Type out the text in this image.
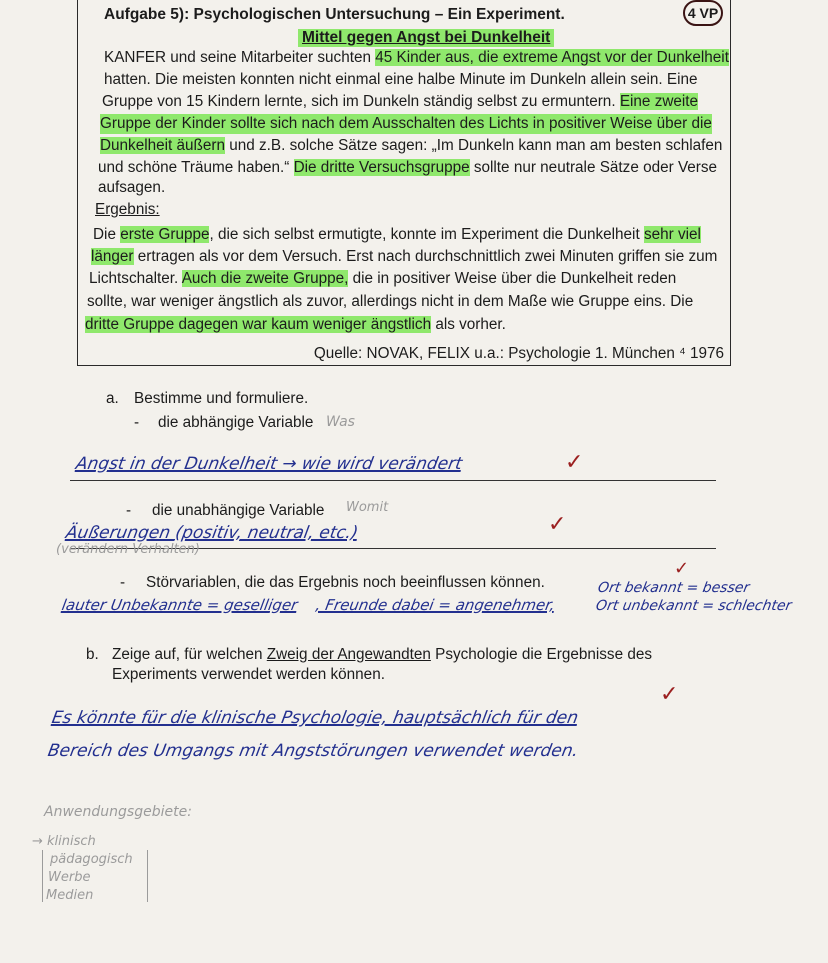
Aufgabe 5): Psychologischen Untersuchung – Ein Experiment.	4 VP
Mittel gegen Angst bei Dunkelheit
KANFER und seine Mitarbeiter suchten 45 Kinder aus, die extreme Angst vor der Dunkelheit
hatten. Die meisten konnten nicht einmal eine halbe Minute im Dunkeln allein sein. Eine
Gruppe von 15 Kindern lernte, sich im Dunkeln ständig selbst zu ermuntern. Eine zweite
Gruppe der Kinder sollte sich nach dem Ausschalten des Lichts in positiver Weise über die
Dunkelheit äußern und z.B. solche Sätze sagen: „Im Dunkeln kann man am besten schlafen
und schöne Träume haben.“ Die dritte Versuchsgruppe sollte nur neutrale Sätze oder Verse
aufsagen.
Ergebnis:
Die erste Gruppe, die sich selbst ermutigte, konnte im Experiment die Dunkelheit sehr viel
länger ertragen als vor dem Versuch. Erst nach durchschnittlich zwei Minuten griffen sie zum
Lichtschalter. Auch die zweite Gruppe, die in positiver Weise über die Dunkelheit reden
sollte, war weniger ängstlich als zuvor, allerdings nicht in dem Maße wie Gruppe eins. Die
dritte Gruppe dagegen war kaum weniger ängstlich als vorher.
Quelle: NOVAK, FELIX u.a.: Psychologie 1. München ⁴ 1976
a. Bestimme und formuliere.
- die abhängige Variable Was
Angst in der Dunkelheit → wie wird verändert	✓
- die unabhängige Variable Womit
Äußerungen (positiv, neutral, etc.)	✓
(verändern Verhalten)
- Störvariablen, die das Ergebnis noch beeinflussen können.
✓
Ort bekannt = besser
lauter Unbekannte = geselliger , Freunde dabei = angenehmer,	Ort unbekannt = schlechter
b. Zeige auf, für welchen Zweig der Angewandten Psychologie die Ergebnisse des
Experiments verwendet werden können.
✓
Es könnte für die klinische Psychologie, hauptsächlich für den
Bereich des Umgangs mit Angststörungen verwendet werden.
Anwendungsgebiete:
→ klinisch
pädagogisch
Werbe
Medien
